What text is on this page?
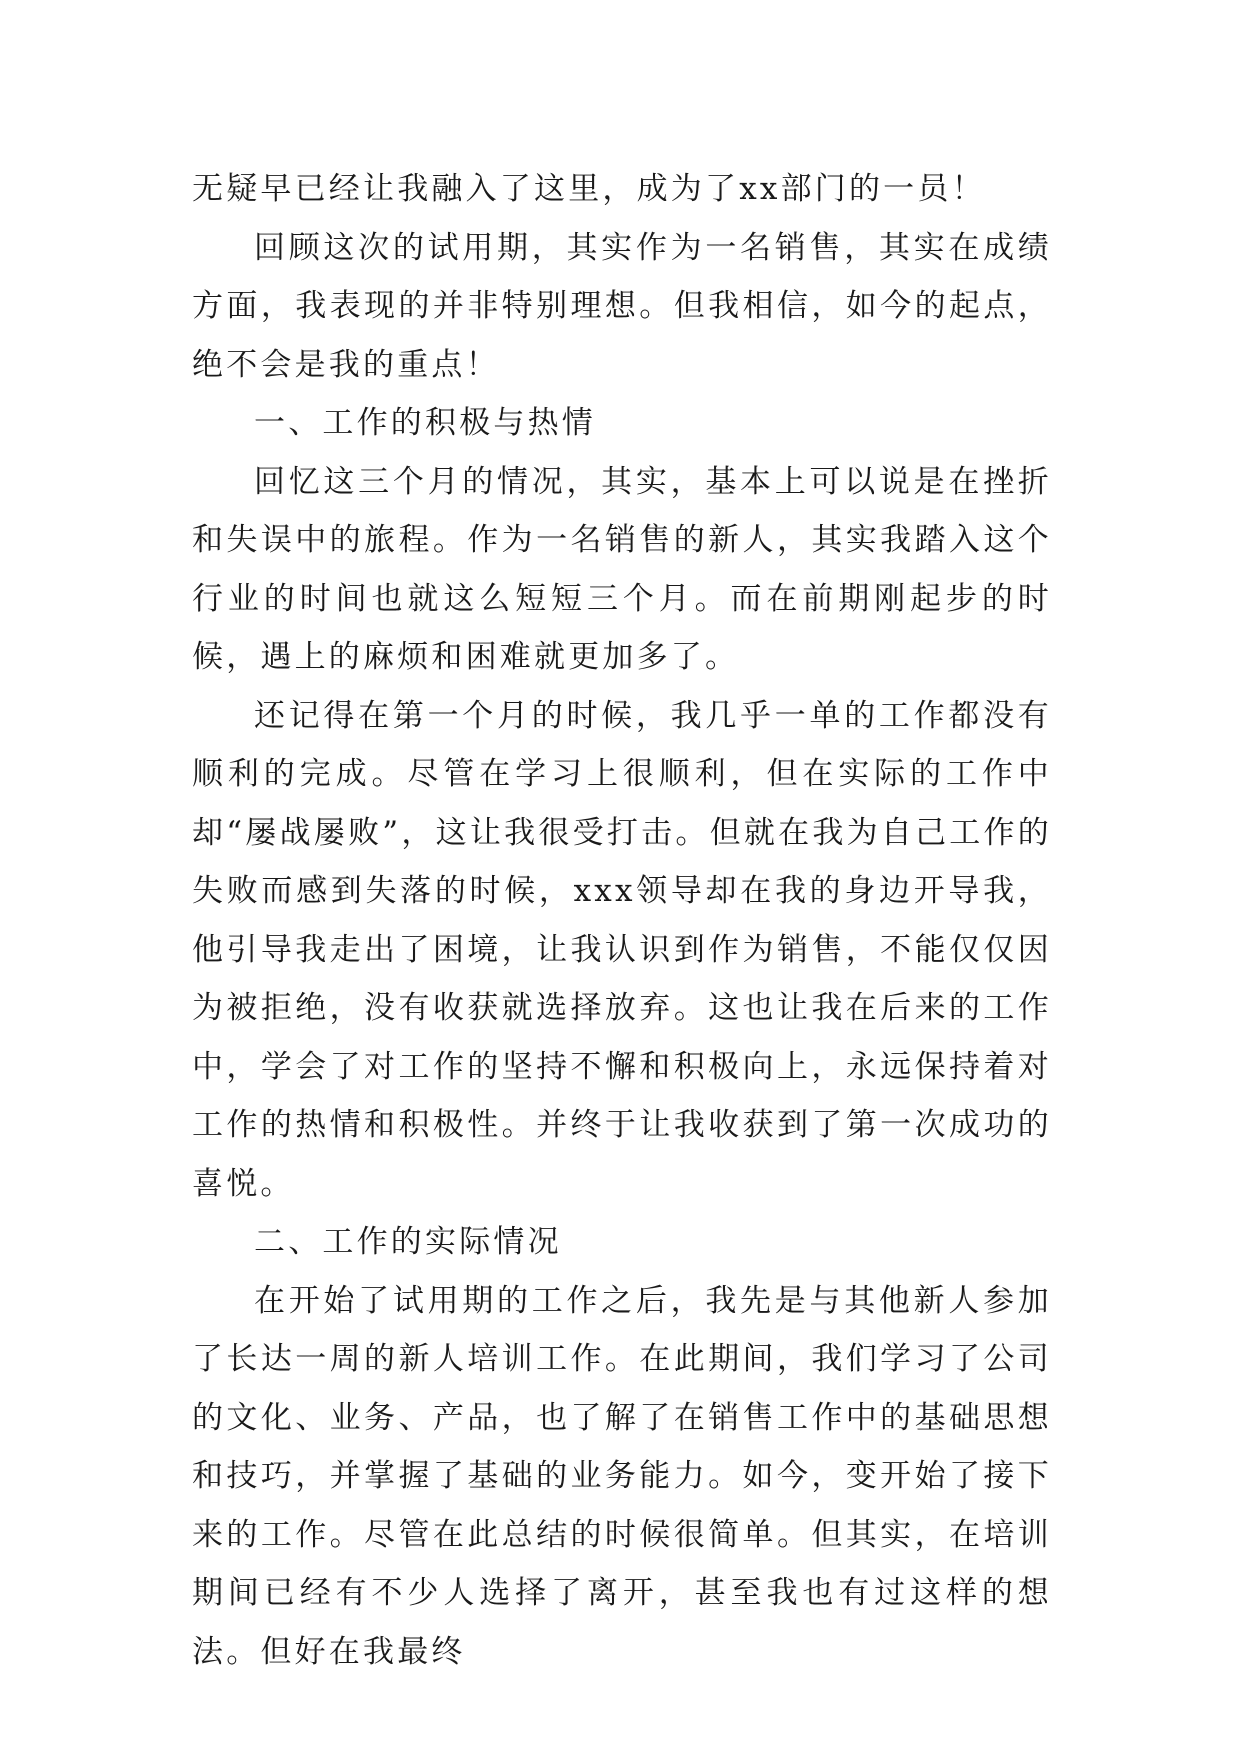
无疑早已经让我融入了这里，成为了xx部门的一员！

回顾这次的试用期，其实作为一名销售，其实在成绩方面，我表现的并非特别理想。但我相信，如今的起点，绝不会是我的重点！

一、工作的积极与热情

回忆这三个月的情况，其实，基本上可以说是在挫折和失误中的旅程。作为一名销售的新人，其实我踏入这个行业的时间也就这么短短三个月。而在前期刚起步的时候，遇上的麻烦和困难就更加多了。

还记得在第一个月的时候，我几乎一单的工作都没有顺利的完成。尽管在学习上很顺利，但在实际的工作中却“屡战屡败”，这让我很受打击。但就在我为自己工作的失败而感到失落的时候，xxx领导却在我的身边开导我，他引导我走出了困境，让我认识到作为销售，不能仅仅因为被拒绝，没有收获就选择放弃。这也让我在后来的工作中，学会了对工作的坚持不懈和积极向上，永远保持着对工作的热情和积极性。并终于让我收获到了第一次成功的喜悦。

二、工作的实际情况

在开始了试用期的工作之后，我先是与其他新人参加了长达一周的新人培训工作。在此期间，我们学习了公司的文化、业务、产品，也了解了在销售工作中的基础思想和技巧，并掌握了基础的业务能力。如今，变开始了接下来的工作。尽管在此总结的时候很简单。但其实，在培训期间已经有不少人选择了离开，甚至我也有过这样的想法。但好在我最终
